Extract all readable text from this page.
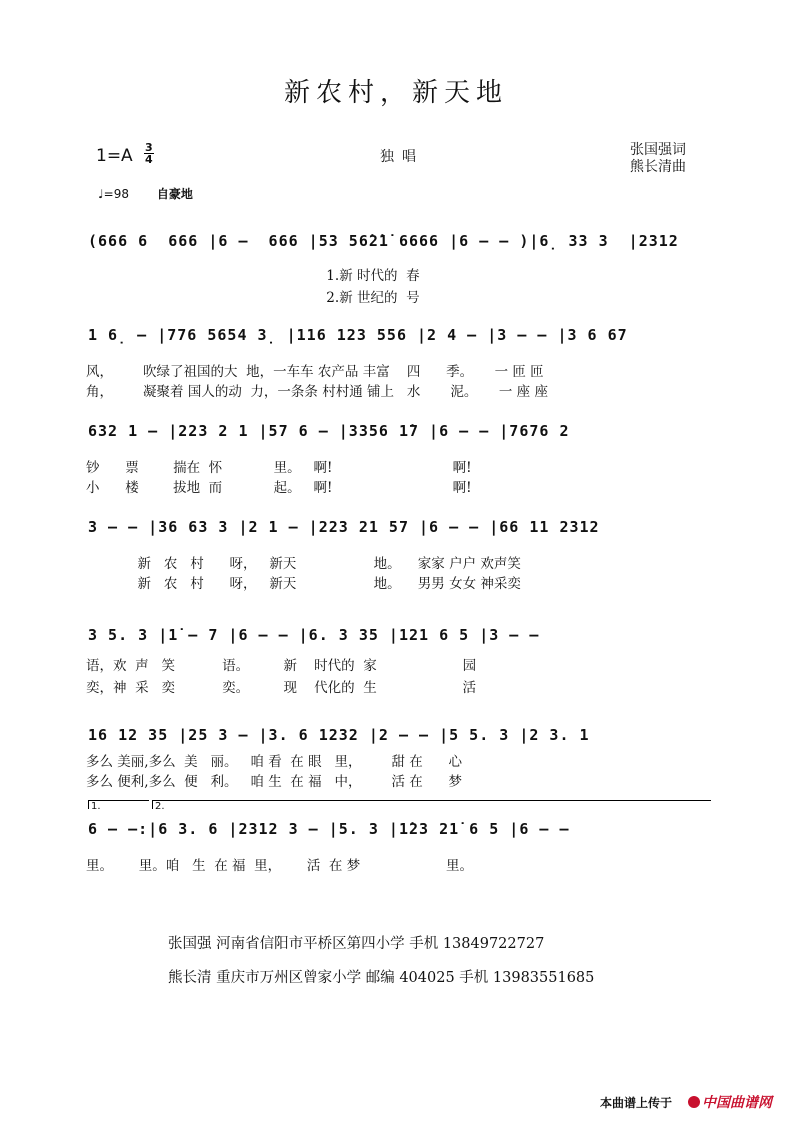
新农村，新天地
1=A 3
4	独唱	张国强词
熊长清曲
♩=98 自豪地
(666 6  666 |6 –  666 |53 56̇2̇1̇ 6666 |6 – – )|6̣ 33 3  |2312
1.新 时代的  春
2.新 世纪的  号
1 6̣ – |776 5654 3̣ |116 123 556 |2 4 – |3 – – |3 6 67
风，       吹绿了祖国的大  地，一车车 农产品 丰富    四      季。     一 匝 匝
角，       凝聚着 国人的动  力，一条条 村村通 铺上   水       泥。     一 座 座
632 1 – |223 2 1 |57 6 – |3356 1̇7 |6 – – |7676 2
钞      票        揣在  怀            里。   啊!                            啊!
小      楼        拔地  而            起。   啊!                            啊!
3 – – |36 63 3 |2 1 – |223 21 57 |6 – – |66 11 2312
新   农   村      呀，   新天                  地。    家家 户户 欢声笑
新   农   村      呀，   新天                  地。    男男 女女 神采奕
3 5. 3 |1̇ – 7 |6 – – |6. 3 35 |121 6 5 |3 – –
语，欢  声   笑           语。        新    时代的  家                    园
奕，神  采   奕           奕。        现    代化的  生                    活
16 12 35 |25 3 – |3. 6 1232 |2 – – |5 5. 3 |2 3. 1
多么 美丽,多么  美   丽。   咱 看  在 眼   里，       甜 在      心
多么 便利,多么  便   利。   咱 生  在 福   中，       活 在      梦
1.	2.
6 – –:|6 3. 6 |2312 3 – |5. 3 |1̇23 21̇ 6 5 |6 – –
里。      里。咱   生  在 福  里，      活  在 梦                    里。
张国强 河南省信阳市平桥区第四小学 手机 13849722727
熊长清 重庆市万州区曾家小学 邮编 404025 手机 13983551685
本曲谱上传于	中国曲谱网
